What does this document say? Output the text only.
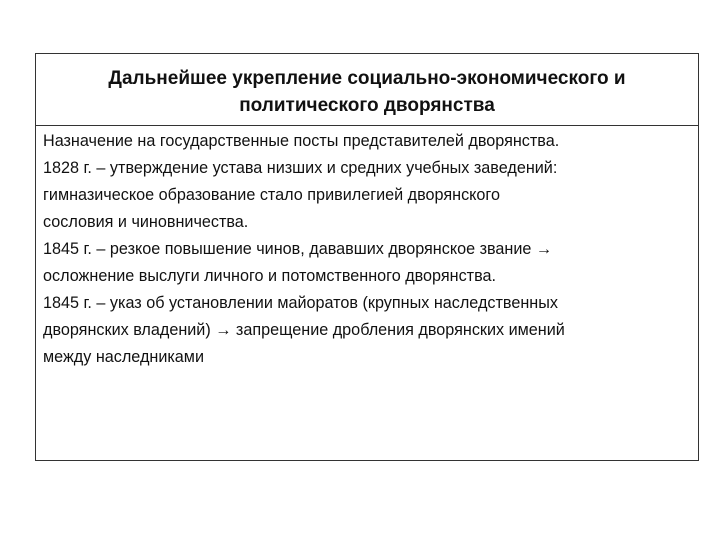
Дальнейшее укрепление социально-экономического и
политического дворянства

Назначение на государственные посты представителей дворянства.

1828 г. – утверждение устава низших и средних учебных заведений:

гимназическое образование стало привилегией дворянского

сословия и чиновничества.

1845 г. – резкое повышение чинов, дававших дворянское звание →

осложнение выслуги личного и потомственного дворянства.

1845 г. – указ об установлении майоратов (крупных наследственных

дворянских владений) → запрещение дробления дворянских имений

между наследниками
